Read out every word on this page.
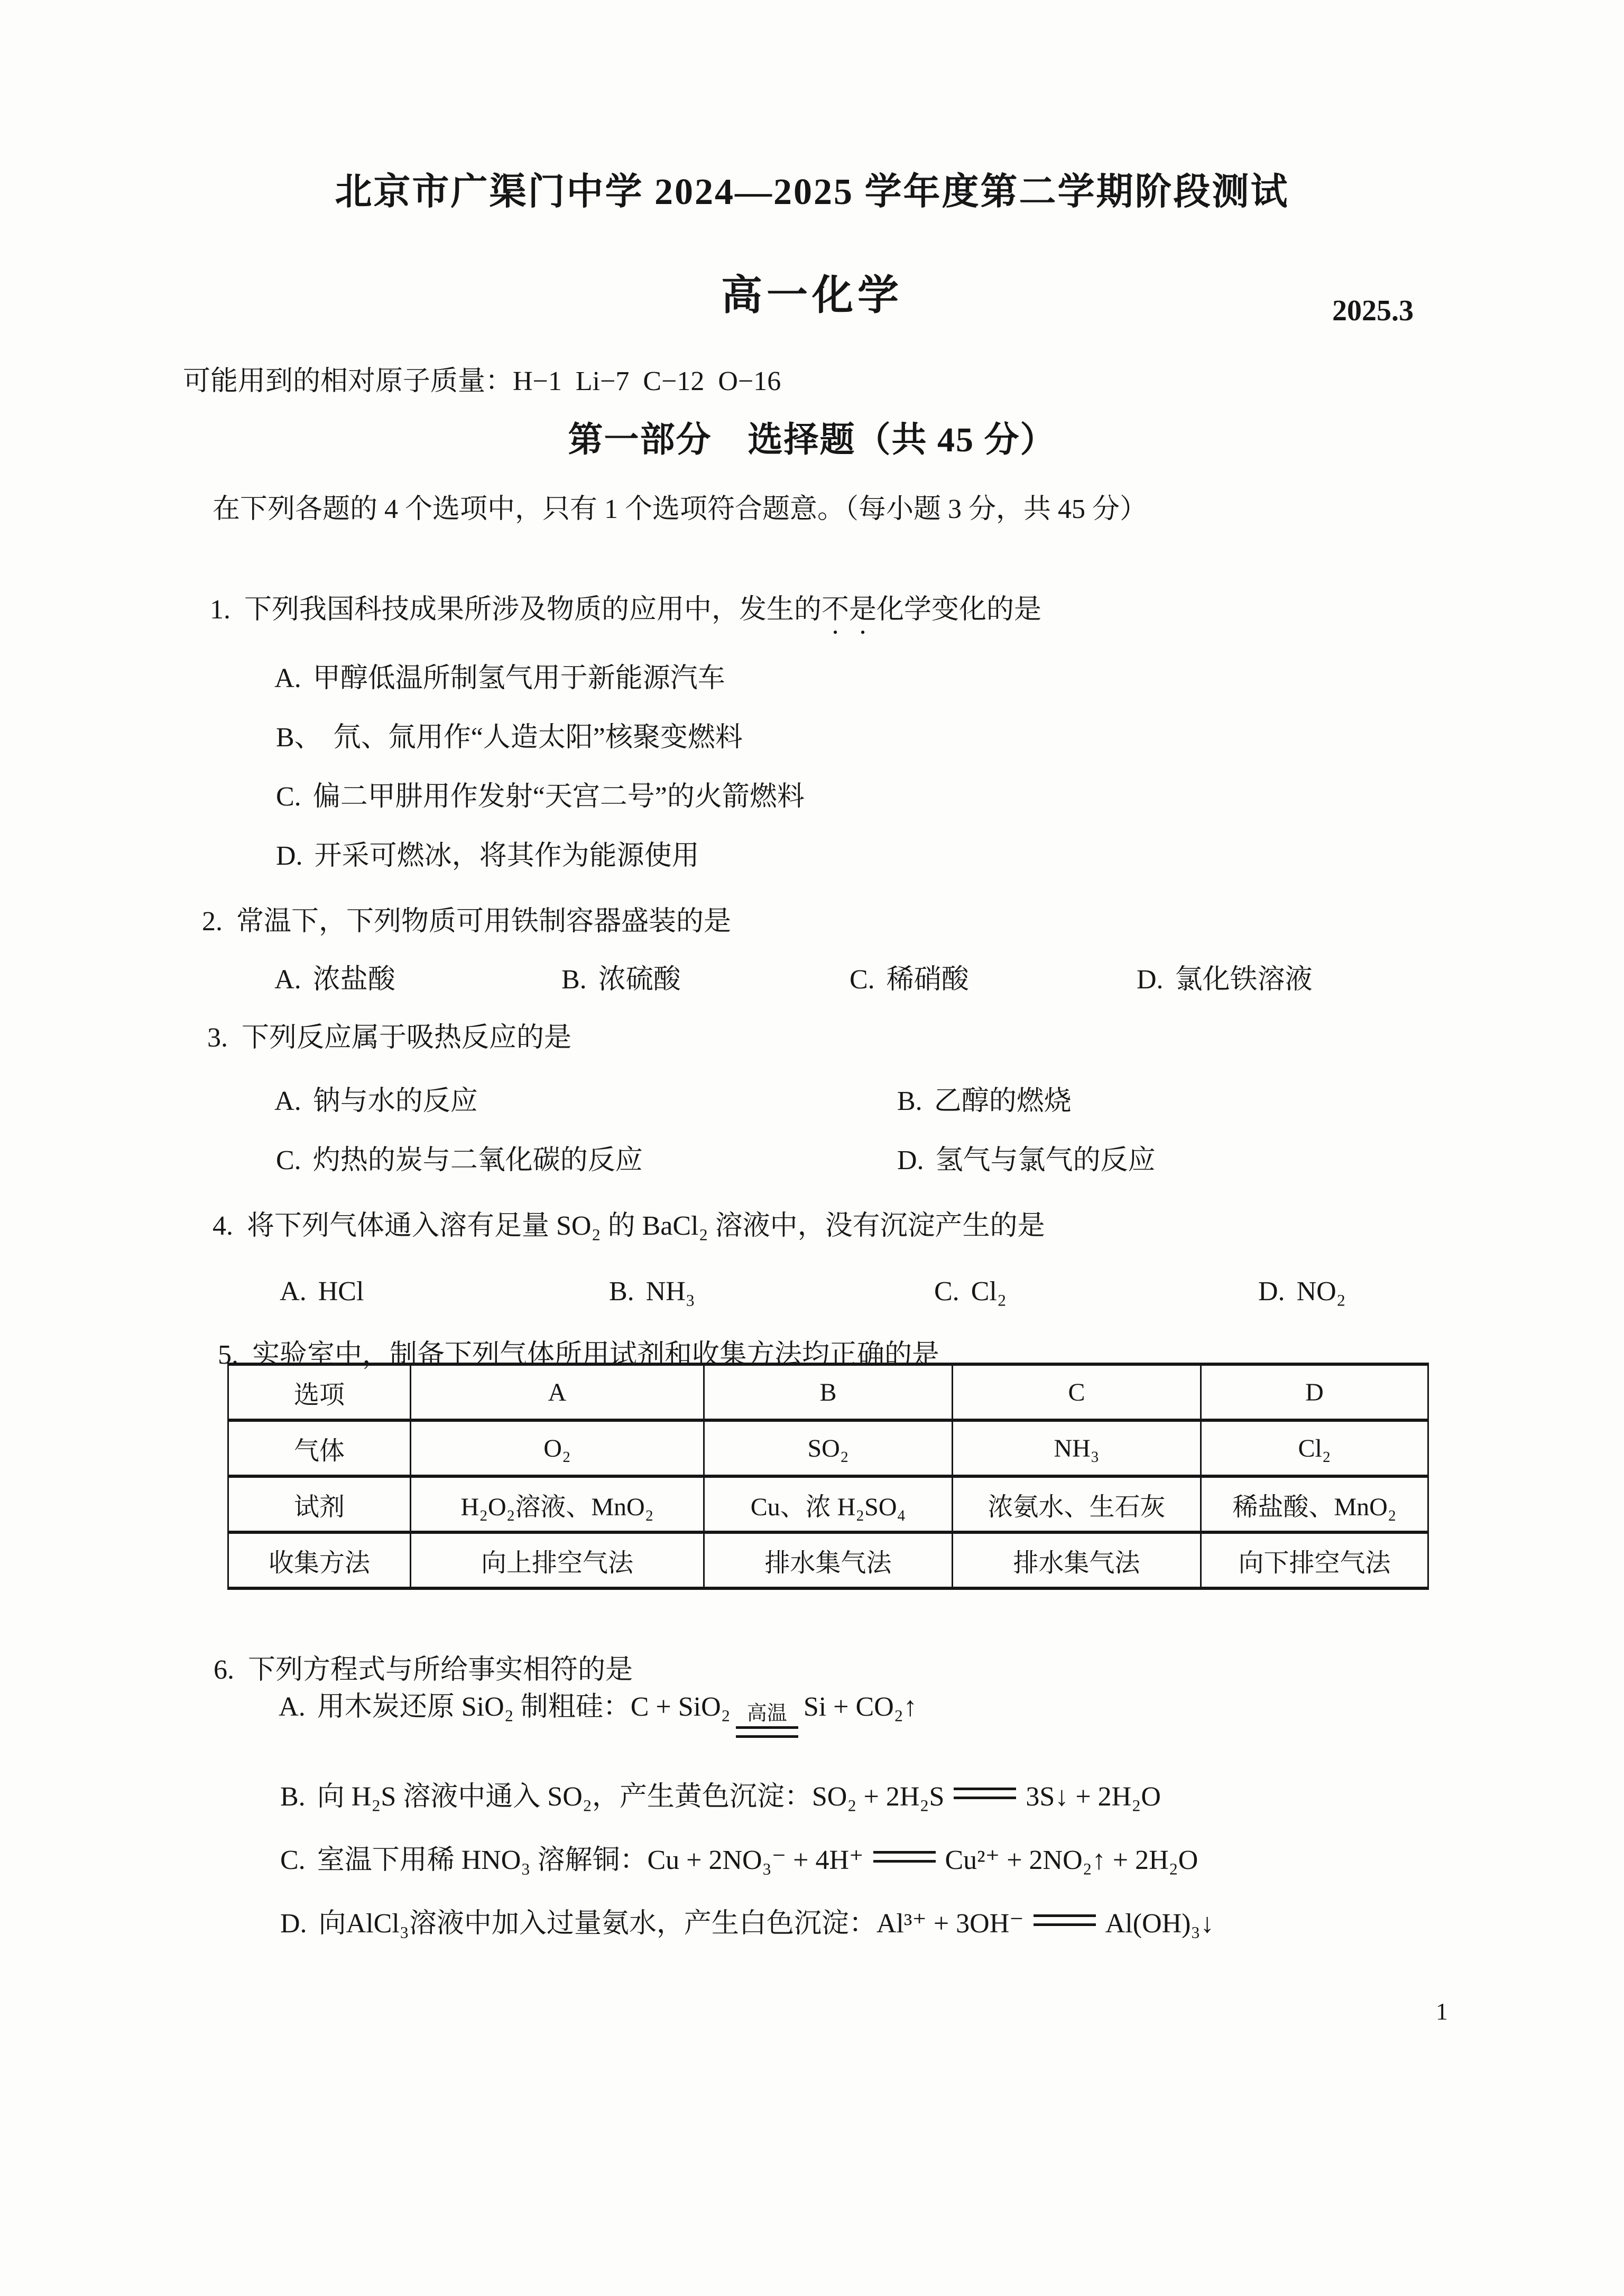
北京市广渠门中学 2024—2025 学年度第二学期阶段测试
高一化学	2025.3
可能用到的相对原子质量：H−1  Li−7  C−12  O−16
第一部分　选择题（共 45 分）
在下列各题的 4 个选项中，只有 1 个选项符合题意。（每小题 3 分，共 45 分）

1. 下列我国科技成果所涉及物质的应用中，发生的不是化学变化的是

A. 甲醇低温所制氢气用于新能源汽车

B、 氘、氚用作“人造太阳”核聚变燃料

C. 偏二甲肼用作发射“天宫二号”的火箭燃料

D. 开采可燃冰，将其作为能源使用

2. 常温下，下列物质可用铁制容器盛装的是

A. 浓盐酸
	B. 浓硫酸
	C. 稀硝酸
	D. 氯化铁溶液

3. 下列反应属于吸热反应的是

A. 钠与水的反应
	B. 乙醇的燃烧

C. 灼热的炭与二氧化碳的反应
	D. 氢气与氯气的反应

4. 将下列气体通入溶有足量 SO₂ 的 BaCl₂ 溶液中，没有沉淀产生的是

A. HCl
	B. NH₃
	C. Cl₂
	D. NO₂

5. 实验室中，制备下列气体所用试剂和收集方法均正确的是

选项	A	B	C	D
气体	O₂	SO₂	NH₃	Cl₂
试剂	H₂O₂溶液、MnO₂	Cu、浓 H₂SO₄	浓氨水、生石灰	稀盐酸、MnO₂
收集方法	向上排空气法	排水集气法	排水集气法	向下排空气法

6. 下列方程式与所给事实相符的是

A. 用木炭还原 SiO₂ 制粗硅：C + SiO₂ 高温 Si + CO₂↑

B. 向 H₂S 溶液中通入 SO₂，产生黄色沉淀：SO₂ + 2H₂S	3S↓ + 2H₂O

C. 室温下用稀 HNO₃ 溶解铜：Cu + 2NO₃⁻ + 4H⁺	Cu²⁺ + 2NO₂↑ + 2H₂O

D. 向AlCl₃溶液中加入过量氨水，产生白色沉淀：Al³⁺ + 3OH⁻	Al(OH)₃↓

1
